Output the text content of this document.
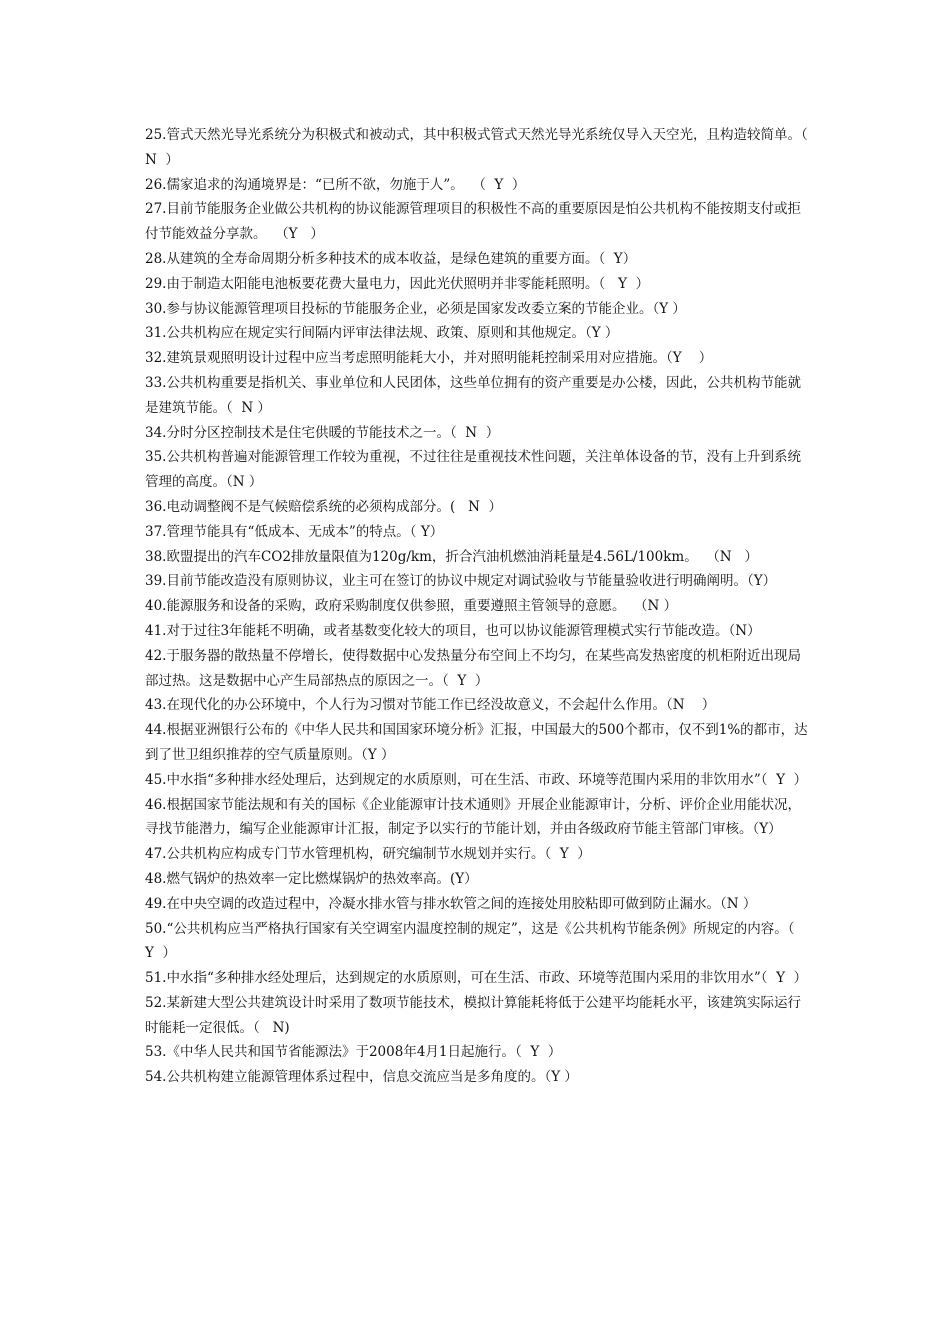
25.管式天然光导光系统分为积极式和被动式，其中积极式管式天然光导光系统仅导入天空光，且构造较简单。（  N  ）

26.儒家追求的沟通境界是：“已所不欲，勿施于人”。  （  Y  ）

27.目前节能服务企业做公共机构的协议能源管理项目的积极性不高的重要原因是怕公共机构不能按期支付或拒付节能效益分享款。  （Y   ）

28.从建筑的全寿命周期分析多种技术的成本收益，是绿色建筑的重要方面。（  Y）

29.由于制造太阳能电池板要花费大量电力，因此光伏照明并非零能耗照明。（   Y  ）

30.参与协议能源管理项目投标的节能服务企业，必须是国家发改委立案的节能企业。（Y ）

31.公共机构应在规定实行间隔内评审法律法规、政策、原则和其他规定。（Y ）

32.建筑景观照明设计过程中应当考虑照明能耗大小，并对照明能耗控制采用对应措施。（Y    ）

33.公共机构重要是指机关、事业单位和人民团体，这些单位拥有的资产重要是办公楼，因此，公共机构节能就是建筑节能。（  N ）

34.分时分区控制技术是住宅供暖的节能技术之一。（  N  ）

35.公共机构普遍对能源管理工作较为重视，不过往往是重视技术性问题，关注单体设备的节，没有上升到系统管理的高度。（N ）

36.电动调整阀不是气候赔偿系统的必须构成部分。(   N  ）

37.管理节能具有“低成本、无成本”的特点。（ Y）

38.欧盟提出的汽车CO2排放量限值为120g/km，折合汽油机燃油消耗量是4.56L/100km。  （N   ）

39.目前节能改造没有原则协议，业主可在签订的协议中规定对调试验收与节能量验收进行明确阐明。（Y）

40.能源服务和设备的采购，政府采购制度仅供参照，重要遵照主管领导的意愿。  （N ）

41.对于过往3年能耗不明确，或者基数变化较大的项目，也可以协议能源管理模式实行节能改造。（N）

42.于服务器的散热量不停增长，使得数据中心发热量分布空间上不均匀，在某些高发热密度的机柜附近出现局部过热。这是数据中心产生局部热点的原因之一。（  Y  ）

43.在现代化的办公环境中，个人行为习惯对节能工作已经没故意义，不会起什么作用。（N    ）

44.根据亚洲银行公布的《中华人民共和国国家环境分析》汇报，中国最大的500个都市，仅不到1%的都市，达到了世卫组织推荐的空气质量原则。（Y ）

45.中水指“多种排水经处理后，达到规定的水质原则，可在生活、市政、环境等范围内采用的非饮用水”（  Y  ）

46.根据国家节能法规和有关的国标《企业能源审计技术通则》开展企业能源审计，分析、评价企业用能状况，寻找节能潜力，编写企业能源审计汇报，制定予以实行的节能计划，并由各级政府节能主管部门审核。（Y）

47.公共机构应构成专门节水管理机构，研究编制节水规划并实行。（  Y  ）

48.燃气锅炉的热效率一定比燃煤锅炉的热效率高。(Y）

49.在中央空调的改造过程中，冷凝水排水管与排水软管之间的连接处用胶粘即可做到防止漏水。（N ）

50.“公共机构应当严格执行国家有关空调室内温度控制的规定”，这是《公共机构节能条例》所规定的内容。（  Y  ）

51.中水指“多种排水经处理后，达到规定的水质原则，可在生活、市政、环境等范围内采用的非饮用水”（  Y  ）

52.某新建大型公共建筑设计时采用了数项节能技术，模拟计算能耗将低于公建平均能耗水平，该建筑实际运行时能耗一定很低。（   N)

53.《中华人民共和国节省能源法》于2008年4月1日起施行。（  Y  ）

54.公共机构建立能源管理体系过程中，信息交流应当是多角度的。（Y ）
